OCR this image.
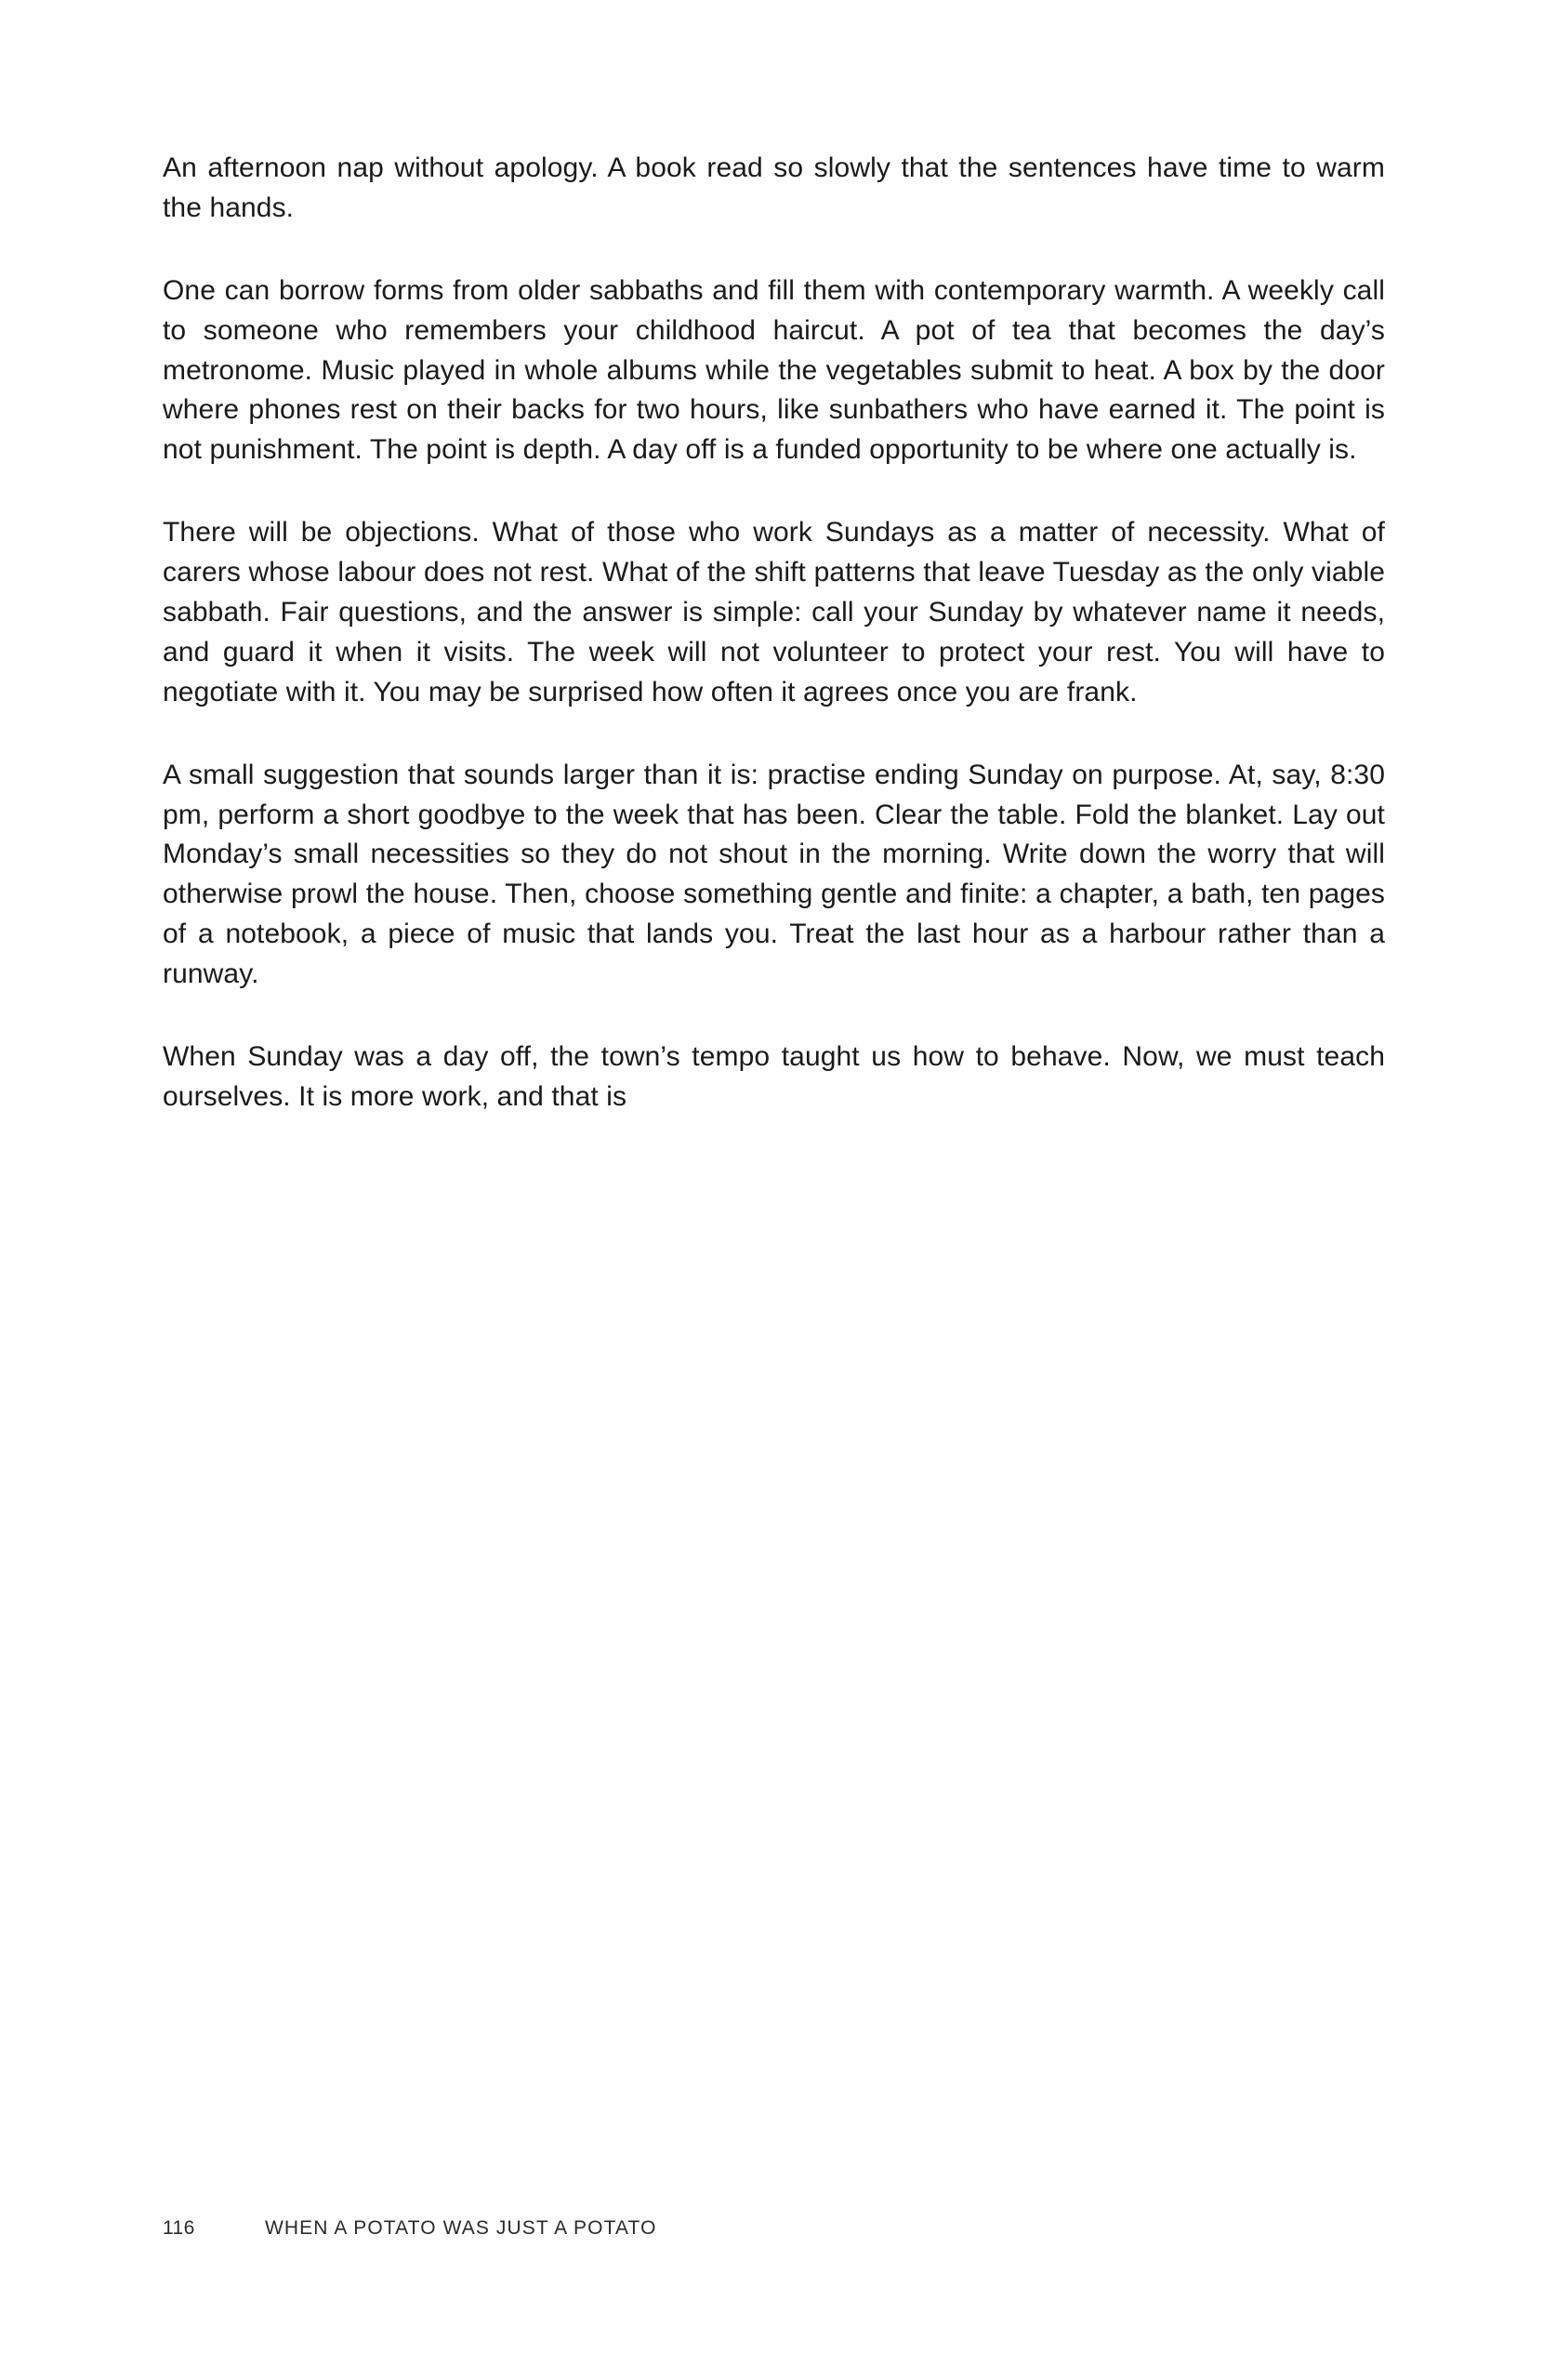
An afternoon nap without apology. A book read so slowly that the sentences have time to warm the hands.

One can borrow forms from older sabbaths and fill them with contemporary warmth. A weekly call to someone who remembers your childhood haircut. A pot of tea that becomes the day’s metronome. Music played in whole albums while the vegetables submit to heat. A box by the door where phones rest on their backs for two hours, like sunbathers who have earned it. The point is not punishment. The point is depth. A day off is a funded opportunity to be where one actually is.

There will be objections. What of those who work Sundays as a matter of necessity. What of carers whose labour does not rest. What of the shift patterns that leave Tuesday as the only viable sabbath. Fair questions, and the answer is simple: call your Sunday by whatever name it needs, and guard it when it visits. The week will not volunteer to protect your rest. You will have to negotiate with it. You may be surprised how often it agrees once you are frank.

A small suggestion that sounds larger than it is: practise ending Sunday on purpose. At, say, 8:30 pm, perform a short goodbye to the week that has been. Clear the table. Fold the blanket. Lay out Monday’s small necessities so they do not shout in the morning. Write down the worry that will otherwise prowl the house. Then, choose something gentle and finite: a chapter, a bath, ten pages of a notebook, a piece of music that lands you. Treat the last hour as a harbour rather than a runway.

When Sunday was a day off, the town’s tempo taught us how to behave. Now, we must teach ourselves. It is more work, and that is

116	WHEN A POTATO WAS JUST A POTATO
